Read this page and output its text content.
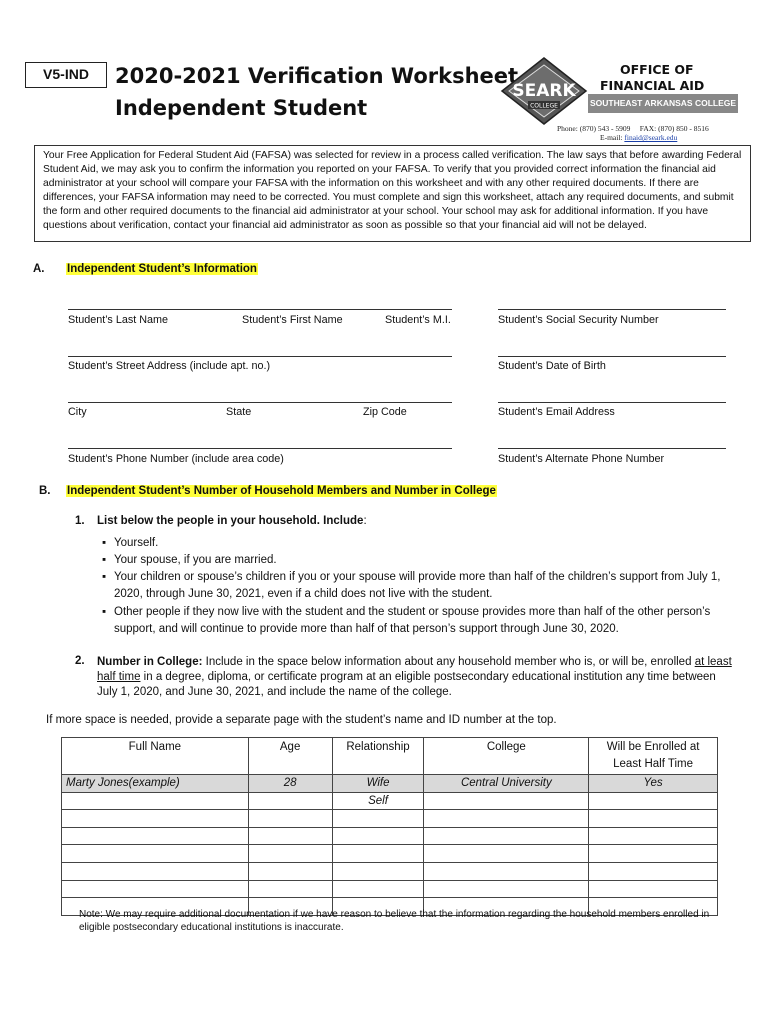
V5-IND	2020-2021 Verification Worksheet
Independent Student
SEARK
COLLEGE
OFFICE OF
FINANCIAL AID
SOUTHEAST ARKANSAS COLLEGE
Phone: (870) 543 - 5909 FAX: (870) 850 - 8516
E-mail: finaid@seark.edu
Your Free Application for Federal Student Aid (FAFSA) was selected for review in a process called verification. The law says that before awarding Federal Student Aid, we may ask you to confirm the information you reported on your FAFSA. To verify that you provided correct information the financial aid administrator at your school will compare your FAFSA with the information on this worksheet and with any other required documents. If there are differences, your FAFSA information may need to be corrected. You must complete and sign this worksheet, attach any required documents, and submit the form and other required documents to the financial aid administrator at your school. Your school may ask for additional information. If you have questions about verification, contact your financial aid administrator as soon as possible so that your financial aid will not be delayed.
A. Independent Student’s Information
Student’s Last Name	Student’s First Name	Student’s M.I.	Student’s Social Security Number
Student’s Street Address (include apt. no.)	Student’s Date of Birth
City	State	Zip Code	Student’s Email Address
Student’s Phone Number (include area code)	Student’s Alternate Phone Number
B. Independent Student’s Number of Household Members and Number in College
1. List below the people in your household. Include:
▪ Yourself.
▪ Your spouse, if you are married.
▪ Your children or spouse’s children if you or your spouse will provide more than half of the children’s support from July 1, 2020, through June 30, 2021, even if a child does not live with the student.
▪ Other people if they now live with the student and the student or spouse provides more than half of the other person’s support, and will continue to provide more than half of that person’s support through June 30, 2020.
2. Number in College: Include in the space below information about any household member who is, or will be, enrolled at least half time in a degree, diploma, or certificate program at an eligible postsecondary educational institution any time between July 1, 2020, and June 30, 2021, and include the name of the college.
If more space is needed, provide a separate page with the student’s name and ID number at the top.
Full Name	Age	Relationship	College	Will be Enrolled at Least Half Time
Marty Jones(example)	28	Wife	Central University	Yes
		Self		

Note: We may require additional documentation if we have reason to believe that the information regarding the household members enrolled in eligible postsecondary educational institutions is inaccurate.
